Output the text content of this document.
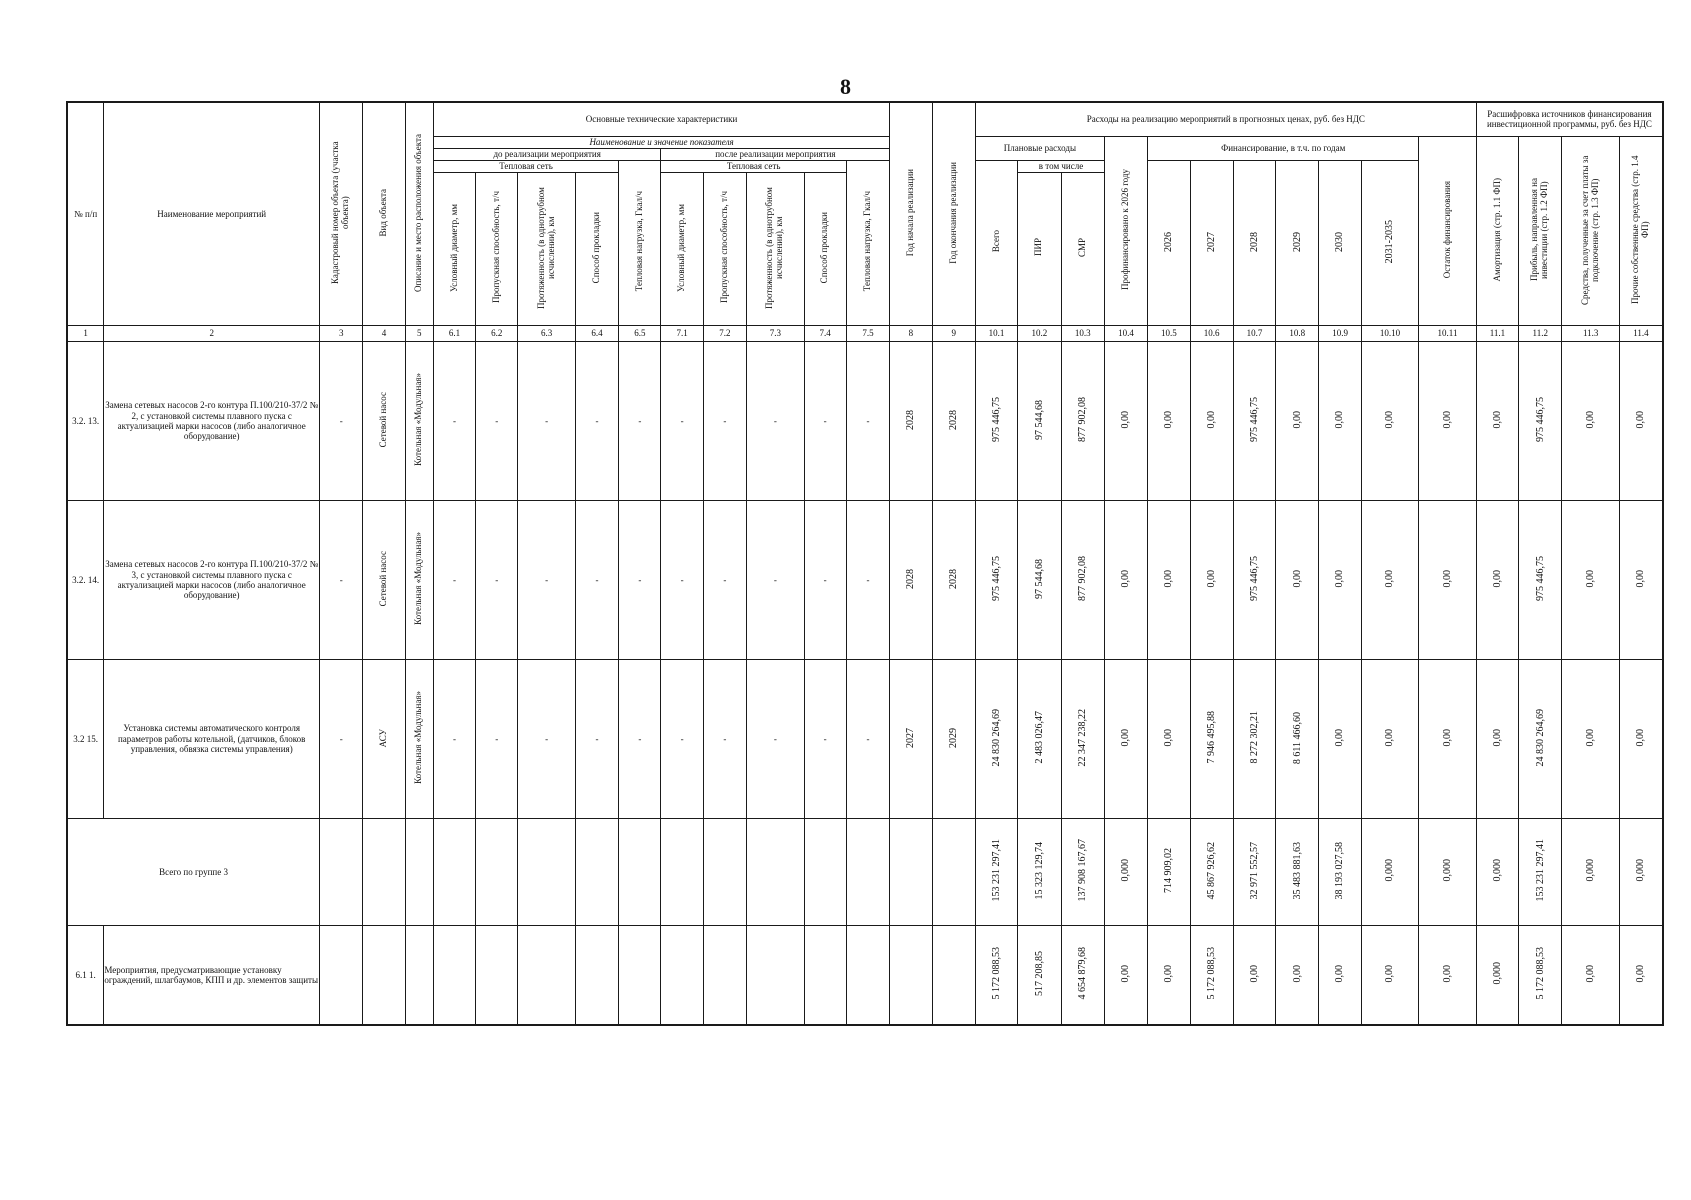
8
№ п/п	Наименование мероприятий	Кадастровый номер объекта (участка объекта)	Вид объекта	Описание и место расположения объекта	Основные технические характеристики										Год начала реализации	Год окончания реализации	Расходы на реализацию мероприятий в прогнозных ценах, руб. без НДС											Расшифровка источников финансирования инвестиционной программы, руб. без НДС			
					Наименование и значение показателя												Плановые расходы			Профинансировано к 2026 году	Финансирование, в т.ч. по годам						Остаток финансирования	Амортизация (стр. 1.1 ФП)	Прибыль, направленная на инвестиции (стр. 1.2 ФП)	Средства, полученные за счет платы за подключение (стр. 1.3 ФП)	Прочие собственные средства (стр. 1.4 ФП)
					до реализации мероприятия					после реализации мероприятия																					
					Тепловая сеть				Тепловая нагрузка, Гкал/ч	Тепловая сеть				Тепловая нагрузка, Гкал/ч			Всего	в том числе			2026	2027	2028	2029	2030	2031-2035					
					Условный диаметр, мм	Пропускная способность, т/ч	Протяженность (в однотрубном исчислении), км	Способ прокладки		Условный диаметр, мм	Пропускная способность, т/ч	Протяженность (в однотрубном исчислении), км	Способ прокладки					ПИР	СМР												
1	2	3	4	5	6.1	6.2	6.3	6.4	6.5	7.1	7.2	7.3	7.4	7.5	8	9	10.1	10.2	10.3	10.4	10.5	10.6	10.7	10.8	10.9	10.10	10.11	11.1	11.2	11.3	11.4
3.2. 13.	Замена сетевых насосов 2-го контура П.100/210-37/2 № 2, с установкой системы плавного пуска с актуализацией марки насосов (либо аналогичное оборудование)	-	Сетевой насос	Котельная «Модульная»	-	-	-	-	-	-	-	-	-	-	2028	2028	975 446,75	97 544,68	877 902,08	0,00	0,00	0,00	975 446,75	0,00	0,00	0,00	0,00	0,00	975 446,75	0,00	0,00
3.2. 14.	Замена сетевых насосов 2-го контура П.100/210-37/2 № 3, с установкой системы плавного пуска с актуализацией марки насосов (либо аналогичное оборудование)	-	Сетевой насос	Котельная «Модульная»	-	-	-	-	-	-	-	-	-	-	2028	2028	975 446,75	97 544,68	877 902,08	0,00	0,00	0,00	975 446,75	0,00	0,00	0,00	0,00	0,00	975 446,75	0,00	0,00
3.2 15.	Установка системы автоматического контроля параметров работы котельной, (датчиков, блоков управления, обвязка системы управления)	-	АСУ	Котельная «Модульная»	-	-	-	-	-	-	-	-	-	-	2027	2029	24 830 264,69	2 483 026,47	22 347 238,22	0,00	0,00	7 946 495,88	8 272 302,21	8 611 466,60	0,00	0,00	0,00	0,00	24 830 264,69	0,00	0,00
Всего по группе 3																	153 231 297,41	15 323 129,74	137 908 167,67	0,000	714 909,02	45 867 926,62	32 971 552,57	35 483 881,63	38 193 027,58	0,000	0,000	0,000	153 231 297,41	0,000	0,000
6.1 1.	Мероприятия, предусматривающие установку ограждений, шлагбаумов, КПП и др. элементов защиты																5 172 088,53	517 208,85	4 654 879,68	0,00	0,00	5 172 088,53	0,00	0,00	0,00	0,00	0,00	0,000	5 172 088,53	0,00	0,00
